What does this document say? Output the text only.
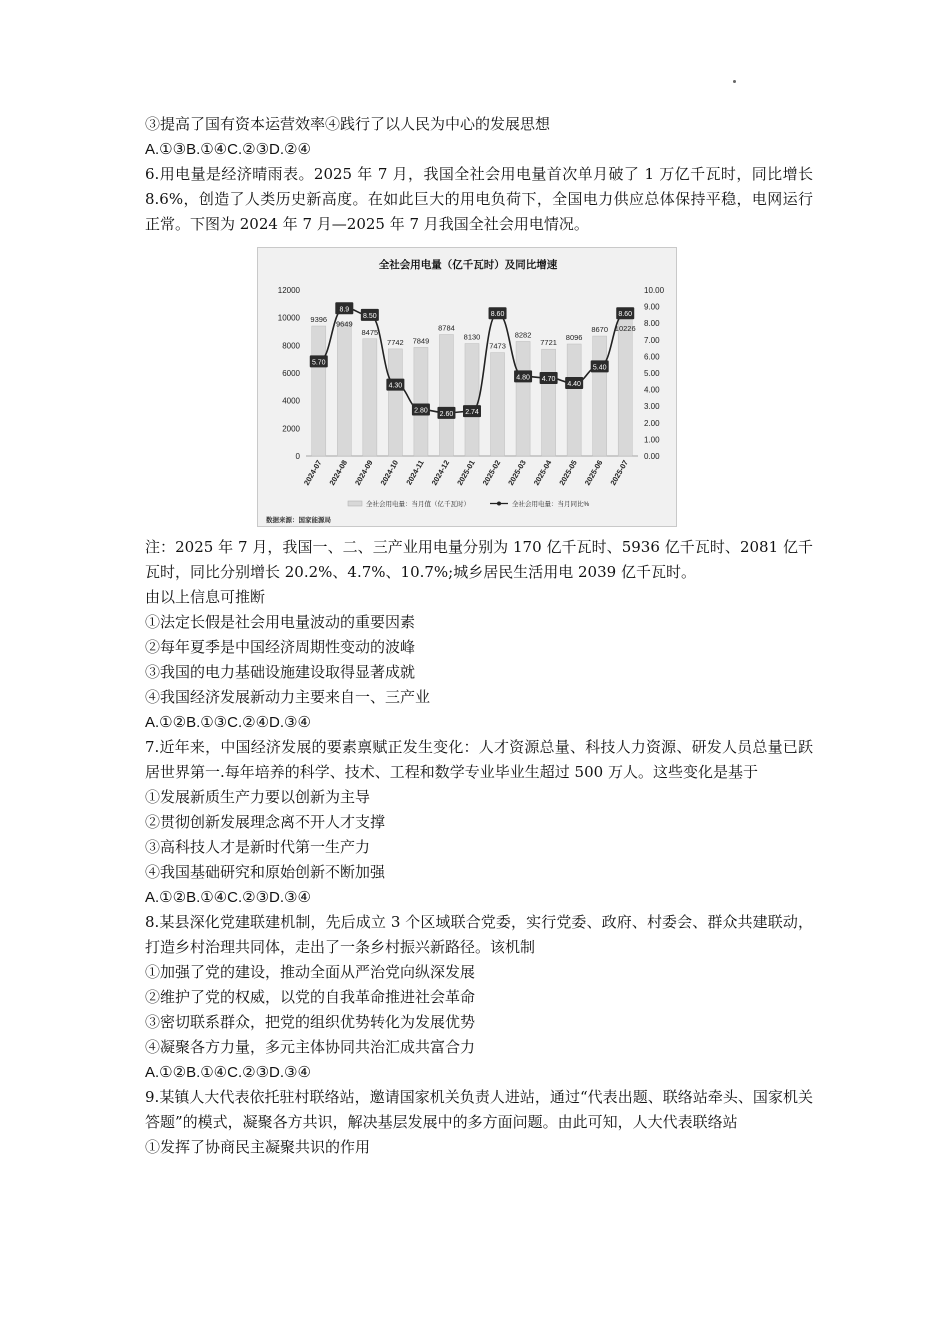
③提高了国有资本运营效率④践行了以人民为中心的发展思想
A.①③B.①④C.②③D.②④
6.用电量是经济晴雨表。2025 年 7 月，我国全社会用电量首次单月破了 1 万亿千瓦时，同比增长 8.6%，创造了人类历史新高度。在如此巨大的用电负荷下，全国电力供应总体保持平稳，电网运行正常。下图为 2024 年 7 月—2025 年 7 月我国全社会用电情况。
全社会用电量（亿千瓦时）及同比增速
0
2000
4000
6000
8000
10000
12000
0.00
1.00
2.00
3.00
4.00
5.00
6.00
7.00
8.00
9.00
10.00
9396 9649
8475
7742 7849
8784
8130
7473
8282
7721
8096
8670 10226
5.70
8.9
8.50
4.30
2.80 2.60 2.74
8.60
4.80 4.70
4.40
5.40
8.60
2024-07 2024-08 2024-09 2024-10 2024-11 2024-12 2025-01 2025-02 2025-03 2025-04 2025-05 2025-06 2025-07
全社会用电量：当月值（亿千瓦时）	全社会用电量：当月同比%
数据来源：国家能源局
注：2025 年 7 月，我国一、二、三产业用电量分别为 170 亿千瓦时、5936 亿千瓦时、2081 亿千瓦时，同比分别增长 20.2%、4.7%、10.7%;城乡居民生活用电 2039 亿千瓦时。
由以上信息可推断
①法定长假是社会用电量波动的重要因素
②每年夏季是中国经济周期性变动的波峰
③我国的电力基础设施建设取得显著成就
④我国经济发展新动力主要来自一、三产业
A.①②B.①③C.②④D.③④
7.近年来，中国经济发展的要素禀赋正发生变化：人才资源总量、科技人力资源、研发人员总量已跃居世界第一.每年培养的科学、技术、工程和数学专业毕业生超过 500 万人。这些变化是基于
①发展新质生产力要以创新为主导
②贯彻创新发展理念离不开人才支撑
③高科技人才是新时代第一生产力
④我国基础研究和原始创新不断加强
A.①②B.①④C.②③D.③④
8.某县深化党建联建机制，先后成立 3 个区域联合党委，实行党委、政府、村委会、群众共建联动，打造乡村治理共同体，走出了一条乡村振兴新路径。该机制
①加强了党的建设，推动全面从严治党向纵深发展
②维护了党的权威，以党的自我革命推进社会革命
③密切联系群众，把党的组织优势转化为发展优势
④凝聚各方力量，多元主体协同共治汇成共富合力
A.①②B.①④C.②③D.③④
9.某镇人大代表依托驻村联络站，邀请国家机关负责人进站，通过“代表出题、联络站牵头、国家机关答题”的模式，凝聚各方共识，解决基层发展中的多方面问题。由此可知，人大代表联络站
①发挥了协商民主凝聚共识的作用
